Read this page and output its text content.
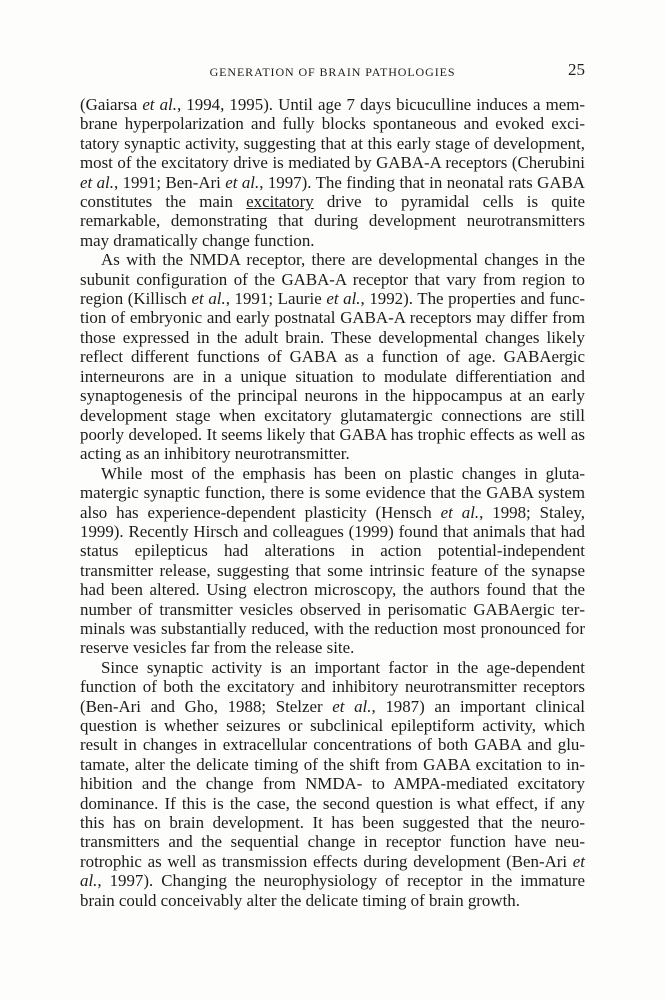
GENERATION OF BRAIN PATHOLOGIES	25

(Gaiarsa et al., 1994, 1995). Until age 7 days bicuculline induces a membrane hyperpolarization and fully blocks spontaneous and evoked excitatory synaptic activity, suggesting that at this early stage of development, most of the excitatory drive is mediated by GABA-A receptors (Cherubini et al., 1991; Ben-Ari et al., 1997). The finding that in neonatal rats GABA constitutes the main excitatory drive to pyramidal cells is quite remarkable, demonstrating that during development neurotransmitters may dramatically change function.

As with the NMDA receptor, there are developmental changes in the subunit configuration of the GABA-A receptor that vary from region to region (Killisch et al., 1991; Laurie et al., 1992). The properties and function of embryonic and early postnatal GABA-A receptors may differ from those expressed in the adult brain. These developmental changes likely reflect different functions of GABA as a function of age. GABAergic interneurons are in a unique situation to modulate differentiation and synaptogenesis of the principal neurons in the hippocampus at an early development stage when excitatory glutamatergic connections are still poorly developed. It seems likely that GABA has trophic effects as well as acting as an inhibitory neurotransmitter.

While most of the emphasis has been on plastic changes in glutamatergic synaptic function, there is some evidence that the GABA system also has experience-dependent plasticity (Hensch et al., 1998; Staley, 1999). Recently Hirsch and colleagues (1999) found that animals that had status epilepticus had alterations in action potential-independent transmitter release, suggesting that some intrinsic feature of the synapse had been altered. Using electron microscopy, the authors found that the number of transmitter vesicles observed in perisomatic GABAergic terminals was substantially reduced, with the reduction most pronounced for reserve vesicles far from the release site.

Since synaptic activity is an important factor in the age-dependent function of both the excitatory and inhibitory neurotransmitter receptors (Ben-Ari and Gho, 1988; Stelzer et al., 1987) an important clinical question is whether seizures or subclinical epileptiform activity, which result in changes in extracellular concentrations of both GABA and glutamate, alter the delicate timing of the shift from GABA excitation to inhibition and the change from NMDA- to AMPA-mediated excitatory dominance. If this is the case, the second question is what effect, if any this has on brain development. It has been suggested that the neurotransmitters and the sequential change in receptor function have neurotrophic as well as transmission effects during development (Ben-Ari et al., 1997). Changing the neurophysiology of receptor in the immature brain could conceivably alter the delicate timing of brain growth.
